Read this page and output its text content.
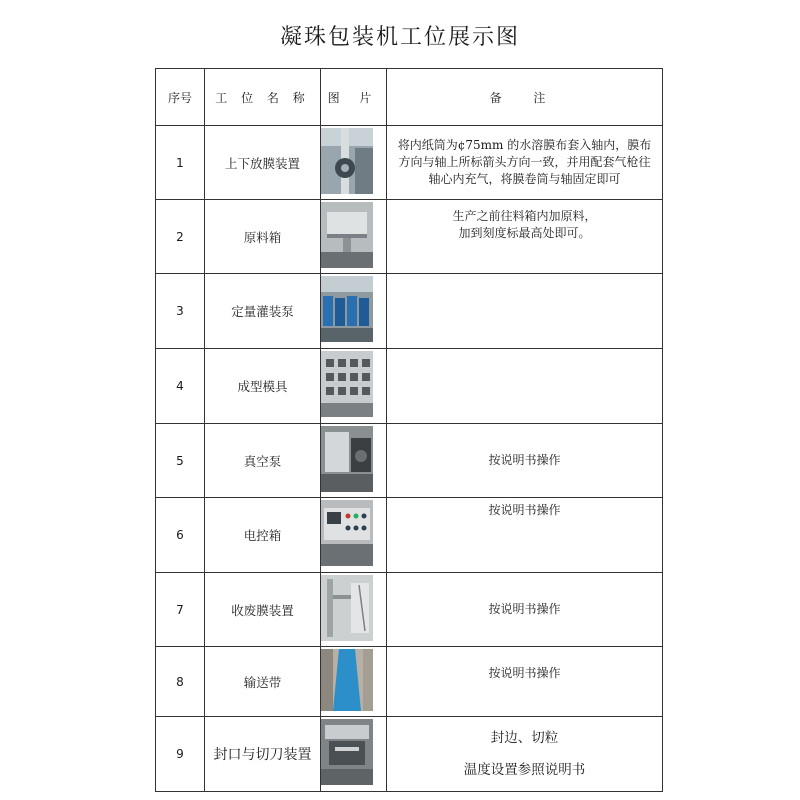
凝珠包装机工位展示图
序号	工 位 名 称	图 片	备 注
1	上下放膜装置		将内纸筒为¢75mm 的水溶膜布套入轴内，膜布
方向与轴上所标箭头方向一致，并用配套气枪往
轴心内充气，将膜卷筒与轴固定即可

2	原料箱		生产之前往料箱内加原料，
加到刻度标最高处即可。

3	定量灌装泵		

4	成型模具		

5	真空泵		按说明书操作

6	电控箱		按说明书操作

7	收废膜装置		按说明书操作

8	输送带		按说明书操作

9	封口与切刀装置		封边、切粒

温度设置参照说明书
